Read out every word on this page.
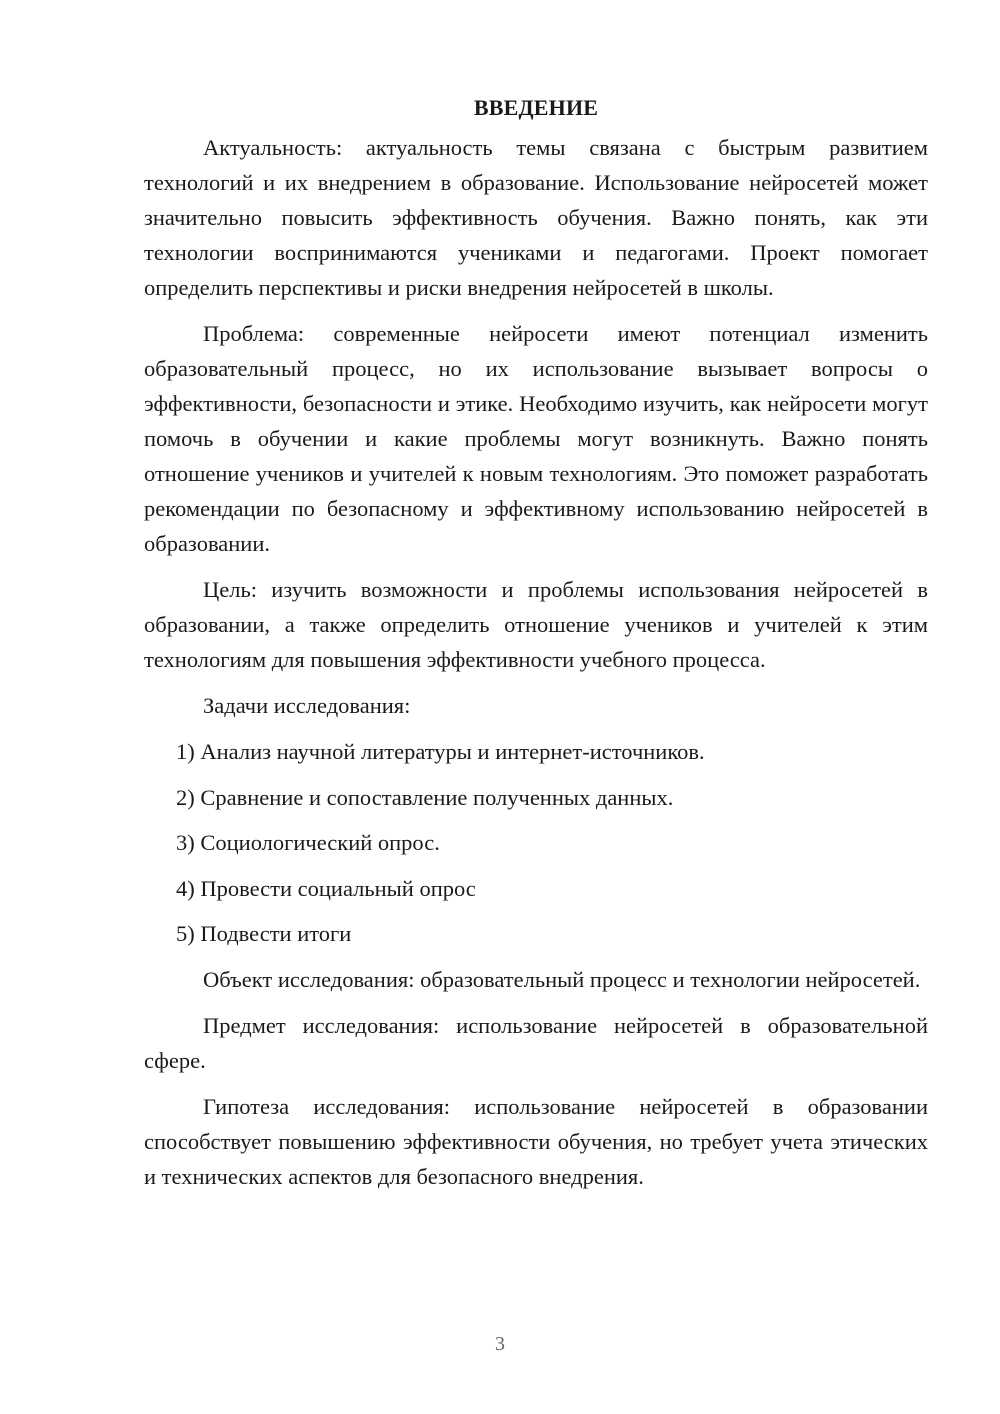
ВВЕДЕНИЕ

Актуальность: актуальность темы связана с быстрым развитием технологий и их внедрением в образование. Использование нейросетей может значительно повысить эффективность обучения. Важно понять, как эти технологии воспринимаются учениками и педагогами. Проект помогает определить перспективы и риски внедрения нейросетей в школы.

Проблема: современные нейросети имеют потенциал изменить образовательный процесс, но их использование вызывает вопросы о эффективности, безопасности и этике. Необходимо изучить, как нейросети могут помочь в обучении и какие проблемы могут возникнуть. Важно понять отношение учеников и учителей к новым технологиям. Это поможет разработать рекомендации по безопасному и эффективному использованию нейросетей в образовании.

Цель: изучить возможности и проблемы использования нейросетей в образовании, а также определить отношение учеников и учителей к этим технологиям для повышения эффективности учебного процесса.

Задачи исследования:

1) Анализ научной литературы и интернет-источников.
2) Сравнение и сопоставление полученных данных.
3) Социологический опрос.
4) Провести социальный опрос
5) Подвести итоги

Объект исследования: образовательный процесс и технологии нейросетей.

Предмет исследования: использование нейросетей в образовательной сфере.

Гипотеза исследования: использование нейросетей в образовании способствует повышению эффективности обучения, но требует учета этических и технических аспектов для безопасного внедрения.

3
